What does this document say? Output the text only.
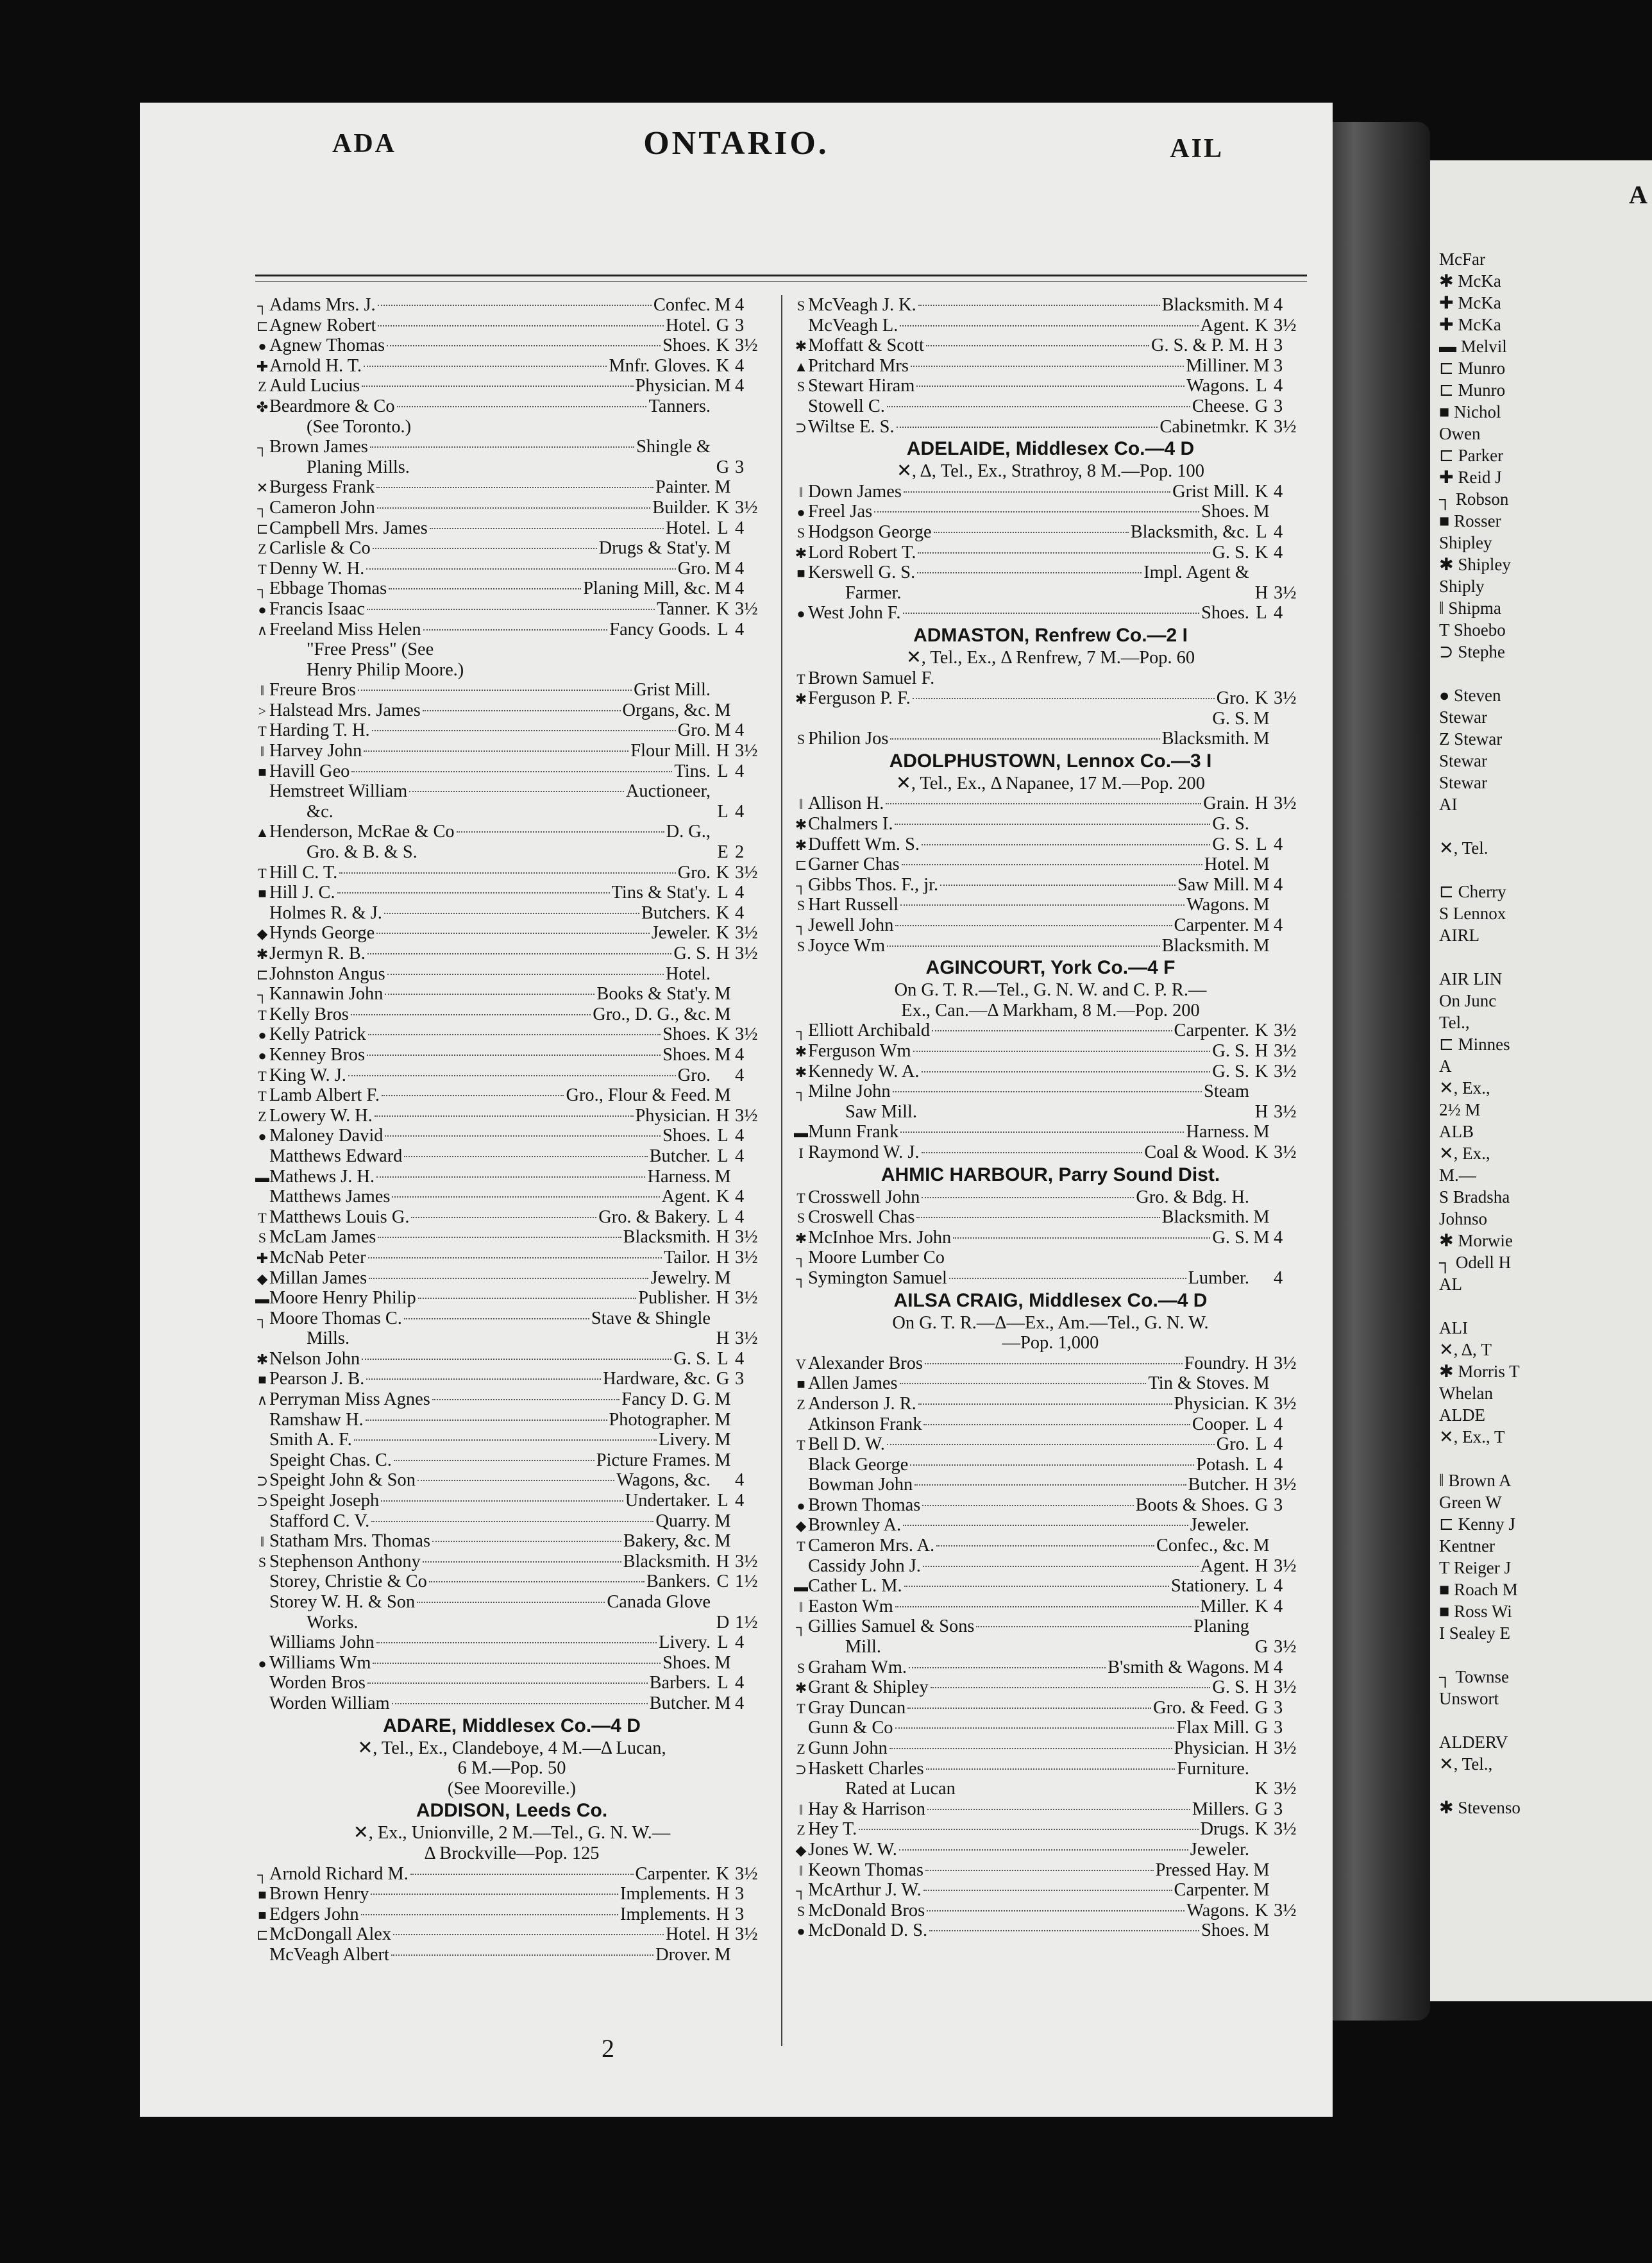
A
McFar
✱ McKa
✚ McKa
✚ McKa
▬ Melvil
⊏ Munro
⊏ Munro
■ Nichol
Owen
⊏ Parker
✚ Reid J
┐ Robson
■ Rosser
Shipley
✱ Shipley
Shiply
‖ Shipma
T Shoebo
⊃ Stephe

● Steven
Stewar
Z Stewar
Stewar
Stewar
AI

✕, Tel.

⊏ Cherry
S Lennox
AIRL

AIR LIN
On Junc
Tel.,
⊏ Minnes
A
✕, Ex.,
2½ M
ALB
✕, Ex.,
M.—
S Bradsha
Johnso
✱ Morwie
┐ Odell H
AL

ALI
✕, Δ, T
✱ Morris T
Whelan
ALDE
✕, Ex., T

‖ Brown A
Green W
⊏ Kenny J
Kentner
T Reiger J
■ Roach M
■ Ross Wi
I Sealey E

┐ Townse
Unswort

ALDERV
✕, Tel.,

✱ Stevenso
ADA	ONTARIO.	AIL
┐ Adams Mrs. J.	Confec. M 4
⊏ Agnew Robert	Hotel. G 3
● Agnew Thomas	Shoes. K 3½
✚ Arnold H. T.	Mnfr. Gloves. K 4
Z Auld Lucius	Physician. M 4
✤ Beardmore & Co	Tanners.
(See Toronto.)
┐ Brown James	Shingle &
Planing Mills.	G 3
✕ Burgess Frank	Painter. M
┐ Cameron John	Builder. K 3½
⊏ Campbell Mrs. James	Hotel. L 4
Z Carlisle & Co	Drugs & Stat'y. M
T Denny W. H.	Gro. M 4
┐ Ebbage Thomas	Planing Mill, &c. M 4
● Francis Isaac	Tanner. K 3½
∧ Freeland Miss Helen	Fancy Goods. L 4
"Free Press" (See
Henry Philip Moore.)
‖ Freure Bros	Grist Mill.
> Halstead Mrs. James	Organs, &c. M
T Harding T. H.	Gro. M 4
‖ Harvey John	Flour Mill. H 3½
■ Havill Geo	Tins. L 4
Hemstreet William	Auctioneer,
&c.	L 4
▲ Henderson, McRae & Co	D. G.,
Gro. & B. & S.	E 2
T Hill C. T.	Gro. K 3½
■ Hill J. C.	Tins & Stat'y. L 4
Holmes R. & J.	Butchers. K 4
◆ Hynds George	Jeweler. K 3½
✱ Jermyn R. B.	G. S. H 3½
⊏ Johnston Angus	Hotel.
┐ Kannawin John	Books & Stat'y. M
T Kelly Bros	Gro., D. G., &c. M
● Kelly Patrick	Shoes. K 3½
● Kenney Bros	Shoes. M 4
T King W. J.	Gro. 4
T Lamb Albert F.	Gro., Flour & Feed. M
Z Lowery W. H.	Physician. H 3½
● Maloney David	Shoes. L 4
Matthews Edward	Butcher. L 4
▬ Mathews J. H.	Harness. M
Matthews James	Agent. K 4
T Matthews Louis G.	Gro. & Bakery. L 4
S McLam James	Blacksmith. H 3½
✚ McNab Peter	Tailor. H 3½
◆ Millan James	Jewelry. M
▬ Moore Henry Philip	Publisher. H 3½
┐ Moore Thomas C.	Stave & Shingle
Mills.	H 3½
✱ Nelson John	G. S. L 4
■ Pearson J. B.	Hardware, &c. G 3
∧ Perryman Miss Agnes	Fancy D. G. M
Ramshaw H.	Photographer. M
Smith A. F.	Livery. M
Speight Chas. C.	Picture Frames. M
⊃ Speight John & Son	Wagons, &c. 4
⊃ Speight Joseph	Undertaker. L 4
Stafford C. V.	Quarry. M
‖ Statham Mrs. Thomas	Bakery, &c. M
S Stephenson Anthony	Blacksmith. H 3½
Storey, Christie & Co	Bankers. C 1½
Storey W. H. & Son	Canada Glove
Works.	D 1½
Williams John	Livery. L 4
● Williams Wm	Shoes. M
Worden Bros	Barbers. L 4
Worden William	Butcher. M 4
ADARE, Middlesex Co.—4 D
✕, Tel., Ex., Clandeboye, 4 M.—Δ Lucan,
6 M.—Pop. 50
(See Mooreville.)
ADDISON, Leeds Co.
✕, Ex., Unionville, 2 M.—Tel., G. N. W.—
Δ Brockville—Pop. 125
┐ Arnold Richard M.	Carpenter. K 3½
■ Brown Henry	Implements. H 3
■ Edgers John	Implements. H 3
⊏ McDongall Alex	Hotel. H 3½
McVeagh Albert	Drover. M
S McVeagh J. K.	Blacksmith. M 4
McVeagh L.	Agent. K 3½
✱ Moffatt & Scott	G. S. & P. M. H 3
▲ Pritchard Mrs	Milliner. M 3
S Stewart Hiram	Wagons. L 4
Stowell C.	Cheese. G 3
⊃ Wiltse E. S.	Cabinetmkr. K 3½
ADELAIDE, Middlesex Co.—4 D
✕, Δ, Tel., Ex., Strathroy, 8 M.—Pop. 100
‖ Down James	Grist Mill. K 4
● Freel Jas	Shoes. M
S Hodgson George	Blacksmith, &c. L 4
✱ Lord Robert T.	G. S. K 4
■ Kerswell G. S.	Impl. Agent &
Farmer.	H 3½
● West John F.	Shoes. L 4
ADMASTON, Renfrew Co.—2 I
✕, Tel., Ex., Δ Renfrew, 7 M.—Pop. 60
T Brown Samuel F.
✱ Ferguson P. F.	Gro. K 3½
G. S. M
S Philion Jos	Blacksmith. M
ADOLPHUSTOWN, Lennox Co.—3 I
✕, Tel., Ex., Δ Napanee, 17 M.—Pop. 200
‖ Allison H.	Grain. H 3½
✱ Chalmers I.	G. S.
✱ Duffett Wm. S.	G. S. L 4
⊏ Garner Chas	Hotel. M
┐ Gibbs Thos. F., jr.	Saw Mill. M 4
S Hart Russell	Wagons. M
┐ Jewell John	Carpenter. M 4
S Joyce Wm	Blacksmith. M
AGINCOURT, York Co.—4 F
On G. T. R.—Tel., G. N. W. and C. P. R.—
Ex., Can.—Δ Markham, 8 M.—Pop. 200
┐ Elliott Archibald	Carpenter. K 3½
✱ Ferguson Wm	G. S. H 3½
✱ Kennedy W. A.	G. S. K 3½
┐ Milne John	Steam
Saw Mill.	H 3½
▬ Munn Frank	Harness. M
I Raymond W. J.	Coal & Wood. K 3½
AHMIC HARBOUR, Parry Sound Dist.
T Crosswell John	Gro. & Bdg. H.
S Croswell Chas	Blacksmith. M
✱ McInhoe Mrs. John	G. S. M 4
┐ Moore Lumber Co
┐ Symington Samuel	Lumber. 4
AILSA CRAIG, Middlesex Co.—4 D
On G. T. R.—Δ—Ex., Am.—Tel., G. N. W.
—Pop. 1,000
V Alexander Bros	Foundry. H 3½
■ Allen James	Tin & Stoves. M
Z Anderson J. R.	Physician. K 3½
Atkinson Frank	Cooper. L 4
T Bell D. W.	Gro. L 4
Black George	Potash. L 4
Bowman John	Butcher. H 3½
● Brown Thomas	Boots & Shoes. G 3
◆ Brownley A.	Jeweler.
T Cameron Mrs. A.	Confec., &c. M
Cassidy John J.	Agent. H 3½
▬ Cather L. M.	Stationery. L 4
‖ Easton Wm	Miller. K 4
┐ Gillies Samuel & Sons	Planing
Mill.	G 3½
S Graham Wm.	B'smith & Wagons. M 4
✱ Grant & Shipley	G. S. H 3½
T Gray Duncan	Gro. & Feed. G 3
Gunn & Co	Flax Mill. G 3
Z Gunn John	Physician. H 3½
⊃ Haskett Charles	Furniture.
Rated at Lucan	K 3½
‖ Hay & Harrison	Millers. G 3
Z Hey T.	Drugs. K 3½
◆ Jones W. W.	Jeweler.
‖ Keown Thomas	Pressed Hay. M
┐ McArthur J. W.	Carpenter. M
S McDonald Bros	Wagons. K 3½
● McDonald D. S.	Shoes. M
2
